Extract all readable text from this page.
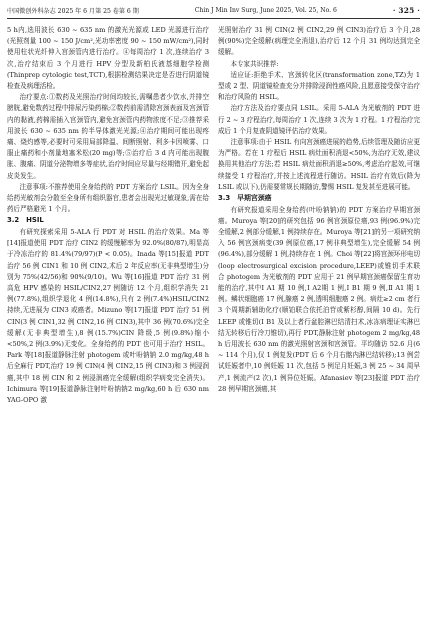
中国微创外科杂志 2025 年 6 月第 25 卷第 6 期	Chin J Min Inv Surg, June 2025, Vol. 25, No. 6	· 325 ·

5 h内,选用波长 630 ~ 635 nm 的激光光源或 LED 光源进行治疗(光照剂量 100 ~ 150 J/cm²,光功率密度 90 ~ 150 mW/cm²),同时使用柱状光纤伸入宫颈管内进行治疗。④每周治疗 1 次,连续治疗 3 次,治疗结束后 3 个月进行 HPV 分型及新柏氏液基细胞学检测(Thinprep cytologic test,TCT),根据检测结果决定是否进行阴道镜检查及病理活检。

治疗要点:①数药及光照治疗时间均较长,需嘱患者少饮水,并排空膀胱,避免数药过程中排尿污染药棉;②数药前需清除宫颈表面及宫颈管内的黏液,药棉需插入宫颈管内,避免宫颈管内药物浓度不足;③推荐采用波长 630 ~ 635 nm 的半导体激光光源;④治疗期间可能出现疼痛、烧灼感等,必要时可采用局部降温、间断照射、利多卡因喷雾、口服止痛药和小剂量地塞米松(20 mg)等;⑤治疗后 3 d 内可能出现腹胀、腹痛、阴道分泌物增多等症状,治疗时间应尽量与经期错开,避免起皮炎发生。

注意事项:不推荐使用全身给药的 PDT 方案治疗 LSIL。因为全身给药光敏剂会分散至全身所有组织器官,患者会出现光过敏现象,需在给药后严格避光 1 个月。

3.2　HSIL

有研究探索采用 5-ALA 行 PDT 对 HSIL 的治疗效果。Ma 等[14]报道使用 PDT 治疗 CIN2 的缓慢解率为 92.0%(80/87),明显高于冷冻治疗的 81.4%(79/97)(P < 0.05)。Inada 等[15]报道 PDT 治疗 56 例 CIN1 和 10 例 CIN2,术后 2 年反应率(无非典型增生)分别为 75%(42/56)和 90%(9/10)。Wu 等[16]报道 PDT 治疗 31 例高危 HPV 感染的 HSIL/CIN2,27 例随访 12 个月,组织学消失 21 例(77.8%),组织学退化 4 例(14.8%),只有 2 例(7.4%)HSIL/CIN2 持续,无进展为 CIN3 或癌者。Mizuno 等[17]报道 PDT 治疗 51 例 CIN(3 例 CIN1,32 例 CIN2,16 例 CIN3),其中 36 例(70.6%)完全缓解(无非典型增生),8 例(15.7%)CIN 降级,5 例(9.8%)缩小<50%,2 例(3.9%)无变化。全身给药的 PDT 也可用于治疗 HSIL。Park 等[18]报道静脉注射 photogem 或叶吩钠钠 2.0 mg/kg,48 h 后全麻行 PDT,治疗 19 例 CIN(4 例 CIN2,15 例 CIN3)和 3 例浸润癌,其中 18 例 CIN 和 2 例浸润癌完全缓解(组织学病变完全消失)。Ichimura 等[19]报道静脉注射叶吩钠钠2 mg/kg,60 h 后 630 nm YAG-OPO 激

光照射治疗 31 例 CIN(2 例 CIN2,29 例 CIN3)治疗后 3 个月,28 例(90%)完全缓解(病理完全消退),治疗后 12 个月 31 例均达到完全缓解。

本专家共识推荐:

适应证:拒绝手术、宫颈转化区(transformation zone,TZ)为 1 型或 2 型、阴道镜检查充分并排除浸润性癌风险,且愿意接受保守治疗和治疗风险的 HSIL。

治疗方法及治疗要点同 LSIL。采用 5-ALA 为光敏剂的 PDT 进行 2 ~ 3 疗程治疗,每周治疗 1 次,连续 3 次为 1 疗程。1 疗程治疗完成后 1 个月复查阴道镜评估治疗效果。

注意事项:由于 HSIL 有向宫颈癌进展的趋势,后续管理及随访应更为严格。若在 1 疗程后 HSIL 病灶面积消退<50%,为治疗无效,建议换用其他治疗方法;若 HSIL 病灶面积消退≥50%,考虑治疗起效,可继续接受 1 疗程治疗,并按上述流程进行随访。HSIL 治疗有效后(降为 LSIL 或以下),仍需要常规长期随访,警惕 HSIL 复发甚至进展可能。

3.3　早期宫颈癌

有研究报道采用全身给药(叶吩钠钠)的 PDT 方案治疗早期宫颈癌。Muroya 等[20]的研究包括 96 例宫颈原位癌,93 例(96.9%)完全缓解,2 例部分缓解,1 例持续存在。Muroya 等[21]的另一项研究纳入 56 例宫颈病变(39 例原位癌,17 例非典型增生),完全缓解 54 例(96.4%),部分缓解 1 例,持续存在 1 例。Choi 等[22]将宫颈环形电切(loop electrosurgical excision procedure,LEEP)或锥切手术联合 photogem 为光敏剂的 PDT 应用于 21 例早期宫颈癌保留生育功能的治疗,其中Ⅰ A1 期 10 例,Ⅰ A2期 1 例,Ⅰ B1 期 9 例,Ⅱ A1 期 1 例。鳞状细胞癌 17 例,腺癌 2 例,透明细胞癌 2 例。病灶≥2 cm 者行 3 个周期新辅助化疗(顺铂联合依托泊苷或紫杉醇,间隔 10 d)。先行 LEEP 或锥切(Ⅰ B1 及以上者行盆腔淋巴结清扫术,冰冻病理证实淋巴结无转移后行冷刀锥切),再行 PDT,静脉注射 photogem 2 mg/kg,48 h 后用波长 630 nm 的激光照射宫颈和宫颈管。平均随访 52.6 月(6 ~ 114 个月),仅 1 例复发(PDT 后 6 个月右髂内淋巴结转移);13 例尝试妊娠者中,10 例妊娠 11 次,包括 5 例足月妊娠,3 例 25 ~ 34 周早产,1 例流产(2 次),1 例异位妊娠。Afanasiev 等[23]报道 PDT 治疗 28 例早期宫颈癌,其
